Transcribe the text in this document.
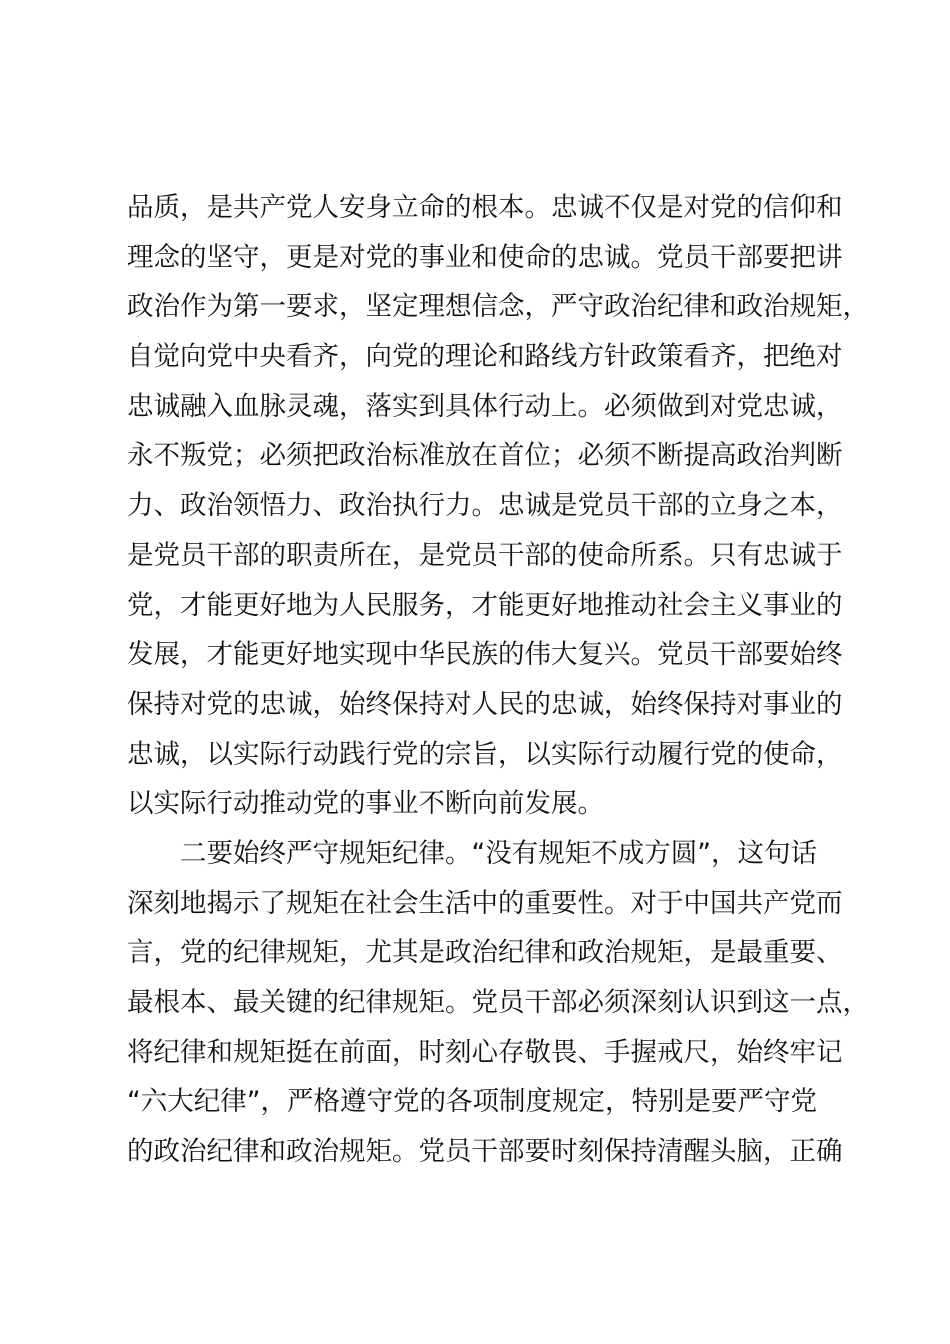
品质，是共产党人安身立命的根本。忠诚不仅是对党的信仰和
理念的坚守，更是对党的事业和使命的忠诚。党员干部要把讲
政治作为第一要求，坚定理想信念，严守政治纪律和政治规矩，
自觉向党中央看齐，向党的理论和路线方针政策看齐，把绝对
忠诚融入血脉灵魂，落实到具体行动上。必须做到对党忠诚，
永不叛党；必须把政治标准放在首位；必须不断提高政治判断
力、政治领悟力、政治执行力。忠诚是党员干部的立身之本，
是党员干部的职责所在，是党员干部的使命所系。只有忠诚于
党，才能更好地为人民服务，才能更好地推动社会主义事业的
发展，才能更好地实现中华民族的伟大复兴。党员干部要始终
保持对党的忠诚，始终保持对人民的忠诚，始终保持对事业的
忠诚，以实际行动践行党的宗旨，以实际行动履行党的使命，
以实际行动推动党的事业不断向前发展。
　　二要始终严守规矩纪律。“没有规矩不成方圆”，这句话
深刻地揭示了规矩在社会生活中的重要性。对于中国共产党而
言，党的纪律规矩，尤其是政治纪律和政治规矩，是最重要、
最根本、最关键的纪律规矩。党员干部必须深刻认识到这一点，
将纪律和规矩挺在前面，时刻心存敬畏、手握戒尺，始终牢记
“六大纪律”，严格遵守党的各项制度规定，特别是要严守党
的政治纪律和政治规矩。党员干部要时刻保持清醒头脑，正确
